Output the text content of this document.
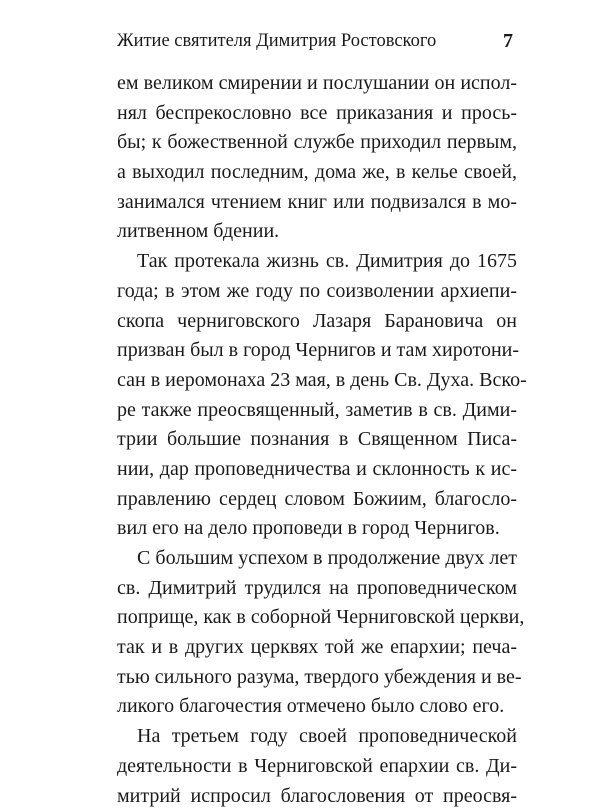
Житие святителя Димитрия Ростовского	7
ем великом смирении и послушании он испол-
нял беспрекословно все приказания и прось-
бы; к божественной службе приходил первым,
а выходил последним, дома же, в келье своей,
занимался чтением книг или подвизался в мо-
литвенном бдении.
Так протекала жизнь св. Димитрия до 1675
года; в этом же году по соизволении архиепи-
скопа черниговского Лазаря Барановича он
призван был в город Чернигов и там хиротони-
сан в иеромонаха 23 мая, в день Св. Духа. Вско-
ре также преосвященный, заметив в св. Дими-
трии большие познания в Священном Писа-
нии, дар проповедничества и склонность к ис-
правлению сердец словом Божиим, благосло-
вил его на дело проповеди в город Чернигов.
С большим успехом в продолжение двух лет
св. Димитрий трудился на проповедническом
поприще, как в соборной Черниговской церкви,
так и в других церквях той же епархии; печа-
тью сильного разума, твердого убеждения и ве-
ликого благочестия отмечено было слово его.
На третьем году своей проповеднической
деятельности в Черниговской епархии св. Ди-
митрий испросил благословения от преосвя-
